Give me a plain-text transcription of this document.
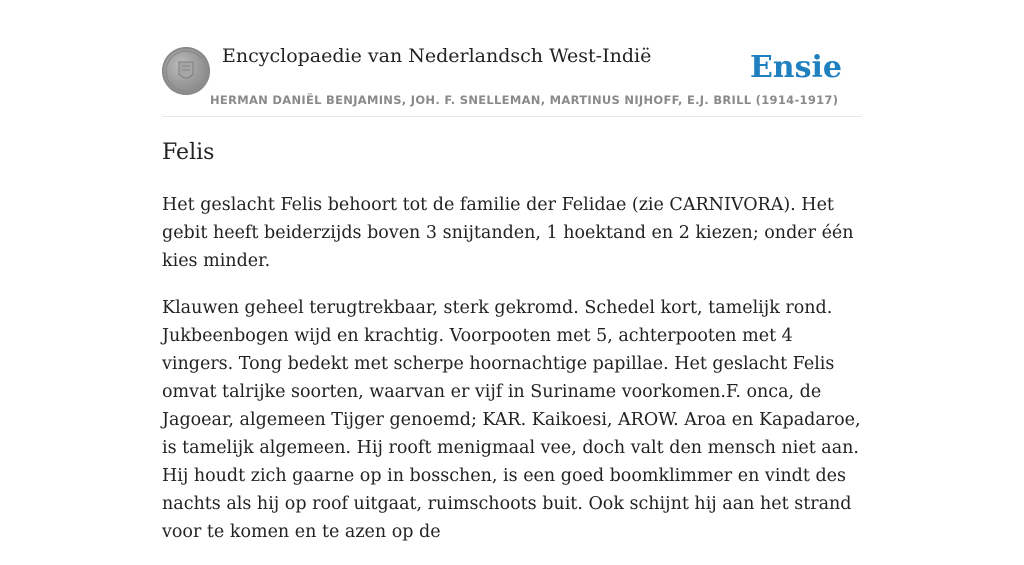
Encyclopaedie van Nederlandsch West-Indië	Ensie
HERMAN DANIËL BENJAMINS, JOH. F. SNELLEMAN, MARTINUS NIJHOFF, E.J. BRILL (1914-1917)
Felis

Het geslacht Felis behoort tot de familie der Felidae (zie CARNIVORA). Het gebit heeft beiderzijds boven 3 snijtanden, 1 hoektand en 2 kiezen; onder één kies minder.

Klauwen geheel terugtrekbaar, sterk gekromd. Schedel kort, tamelijk rond. Jukbeenbogen wijd en krachtig. Voorpooten met 5, achterpooten met 4 vingers. Tong bedekt met scherpe hoornachtige papillae. Het geslacht Felis omvat talrijke soorten, waarvan er vijf in Suriname voorkomen.F. onca, de Jagoear, algemeen Tijger genoemd; KAR. Kaikoesi, AROW. Aroa en Kapadaroe, is tamelijk algemeen. Hij rooft menigmaal vee, doch valt den mensch niet aan. Hij houdt zich gaarne op in bosschen, is een goed boomklimmer en vindt des nachts als hij op roof uitgaat, ruimschoots buit. Ook schijnt hij aan het strand voor te komen en te azen op de
